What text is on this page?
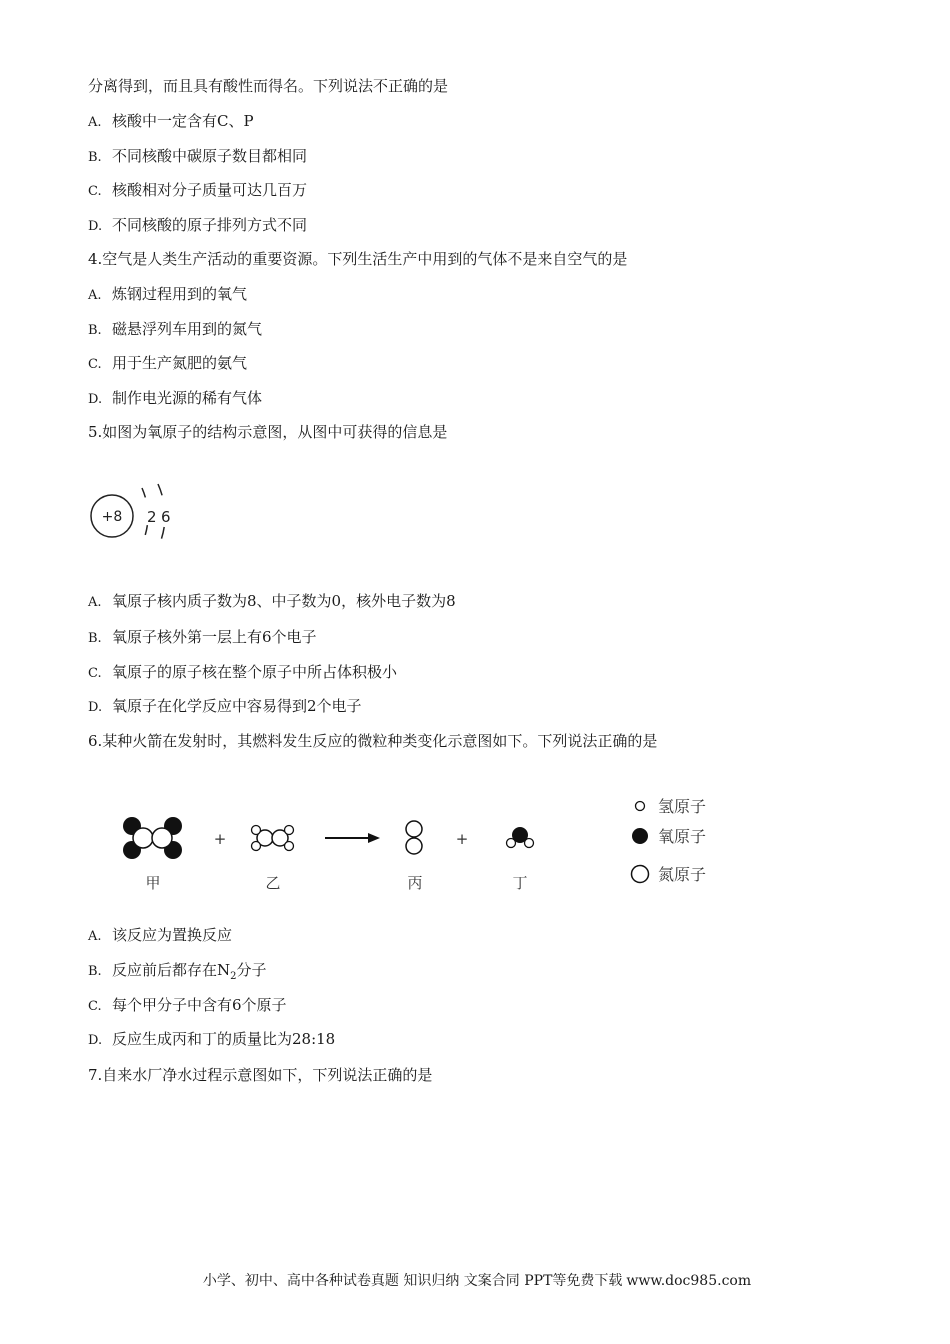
分离得到，而且具有酸性而得名。下列说法不正确的是
A. 核酸中一定含有C、P
B. 不同核酸中碳原子数目都相同
C. 核酸相对分子质量可达几百万
D. 不同核酸的原子排列方式不同
4.空气是人类生产活动的重要资源。下列生活生产中用到的气体不是来自空气的是
A. 炼钢过程用到的氧气
B. 磁悬浮列车用到的氮气
C. 用于生产氮肥的氨气
D. 制作电光源的稀有气体
5.如图为氧原子的结构示意图，从图中可获得的信息是
+8 2 6
A. 氧原子核内质子数为8、中子数为0，核外电子数为8
B. 氧原子核外第一层上有6个电子
C. 氧原子的原子核在整个原子中所占体积极小
D. 氧原子在化学反应中容易得到2个电子
6.某种火箭在发射时，其燃料发生反应的微粒种类变化示意图如下。下列说法正确的是
甲
+
乙	丙
+
丁
氢原子
氧原子
氮原子
A. 该反应为置换反应
B. 反应前后都存在$N_2$分子
C. 每个甲分子中含有6个原子
D. 反应生成丙和丁的质量比为28:18
7.自来水厂净水过程示意图如下，下列说法正确的是
小学、初中、高中各种试卷真题 知识归纳 文案合同 PPT等免费下载 www.doc985.com
